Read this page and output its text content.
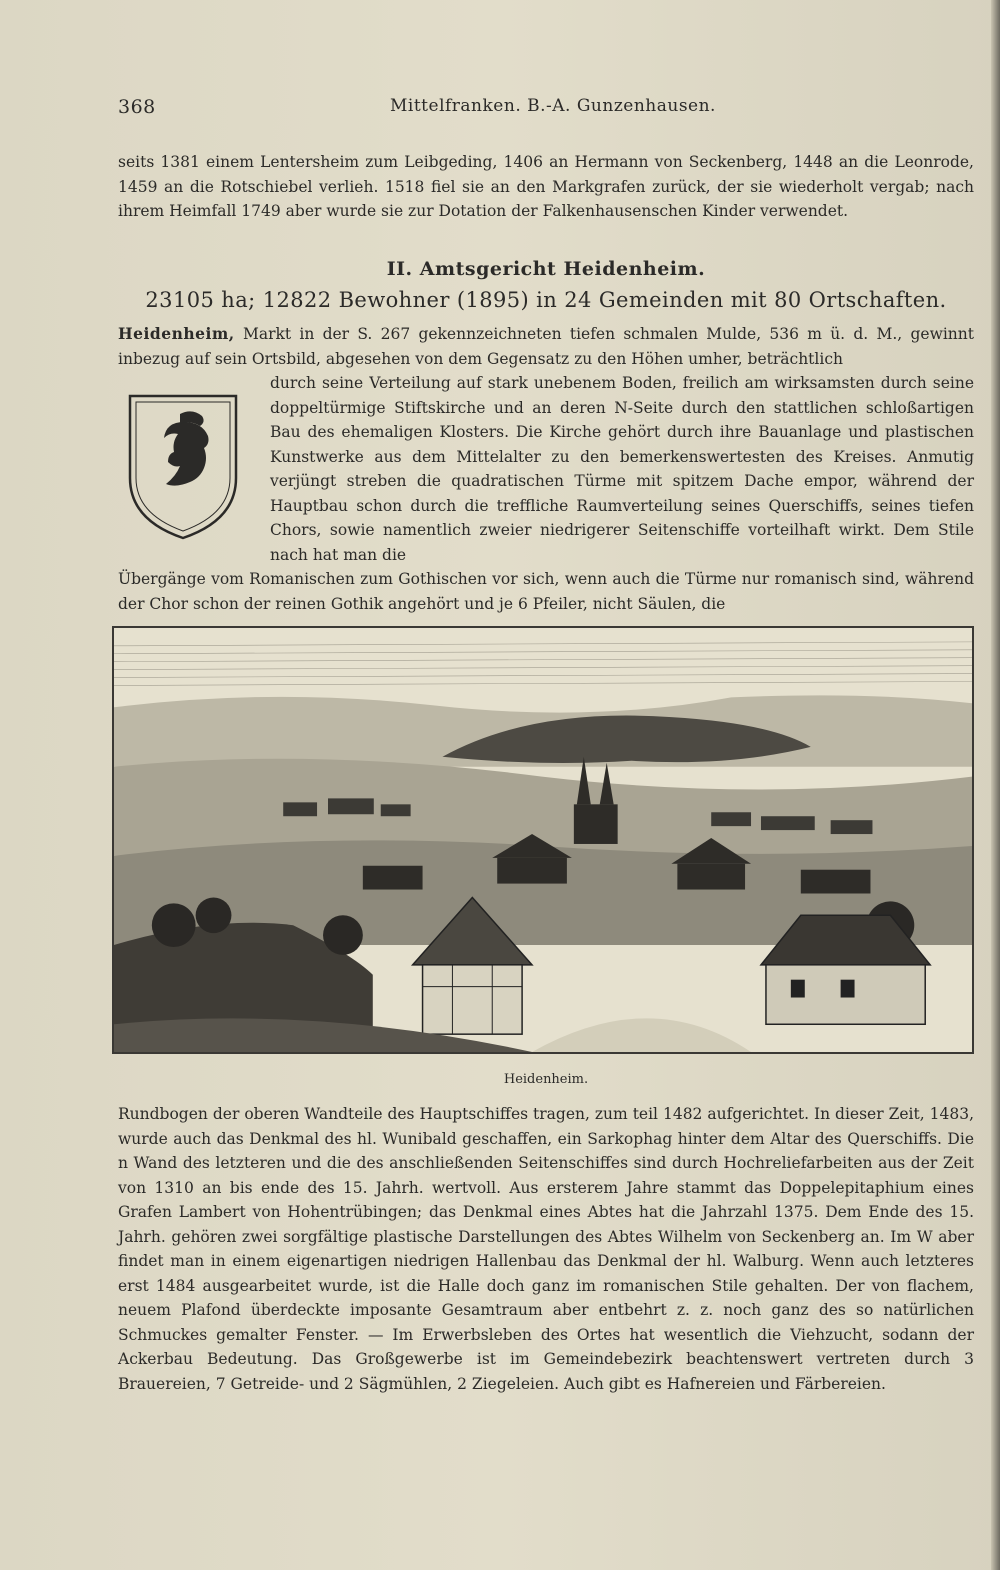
368	Mittelfranken. B.-A. Gunzenhausen.
seits 1381 einem Lentersheim zum Leibgeding, 1406 an Hermann von Seckenberg, 1448 an die Leonrode, 1459 an die Rotschiebel verlieh. 1518 fiel sie an den Markgrafen zurück, der sie wiederholt vergab; nach ihrem Heimfall 1749 aber wurde sie zur Dotation der Falkenhausenschen Kinder verwendet.
II. Amtsgericht Heidenheim.
23105 ha; 12822 Bewohner (1895) in 24 Gemeinden mit 80 Ortschaften.
Heidenheim, Markt in der S. 267 gekennzeichneten tiefen schmalen Mulde, 536 m ü. d. M., gewinnt inbezug auf sein Ortsbild, abgesehen von dem Gegensatz zu den Höhen umher, beträchtlich
durch seine Verteilung auf stark unebenem Boden, freilich am wirksamsten durch seine doppeltürmige Stiftskirche und an deren N-Seite durch den stattlichen schloßartigen Bau des ehemaligen Klosters. Die Kirche gehört durch ihre Bauanlage und plastischen Kunstwerke aus dem Mittelalter zu den bemerkenswertesten des Kreises. Anmutig verjüngt streben die quadratischen Türme mit spitzem Dache empor, während der Hauptbau schon durch die treffliche Raumverteilung seines Querschiffs, seines tiefen Chors, sowie namentlich zweier niedrigerer Seitenschiffe vorteilhaft wirkt. Dem Stile nach hat man die
Übergänge vom Romanischen zum Gothischen vor sich, wenn auch die Türme nur romanisch sind, während der Chor schon der reinen Gothik angehört und je 6 Pfeiler, nicht Säulen, die
Heidenheim.
Rundbogen der oberen Wandteile des Hauptschiffes tragen, zum teil 1482 aufgerichtet. In dieser Zeit, 1483, wurde auch das Denkmal des hl. Wunibald geschaffen, ein Sarkophag hinter dem Altar des Querschiffs. Die n Wand des letzteren und die des anschließenden Seitenschiffes sind durch Hochreliefarbeiten aus der Zeit von 1310 an bis ende des 15. Jahrh. wertvoll. Aus ersterem Jahre stammt das Doppelepitaphium eines Grafen Lambert von Hohentrübingen; das Denkmal eines Abtes hat die Jahrzahl 1375. Dem Ende des 15. Jahrh. gehören zwei sorgfältige plastische Darstellungen des Abtes Wilhelm von Seckenberg an. Im W aber findet man in einem eigenartigen niedrigen Hallenbau das Denkmal der hl. Walburg. Wenn auch letzteres erst 1484 ausgearbeitet wurde, ist die Halle doch ganz im romanischen Stile gehalten. Der von flachem, neuem Plafond überdeckte imposante Gesamtraum aber entbehrt z. z. noch ganz des so natürlichen Schmuckes gemalter Fenster. — Im Erwerbsleben des Ortes hat wesentlich die Viehzucht, sodann der Ackerbau Bedeutung. Das Großgewerbe ist im Gemeindebezirk beachtenswert vertreten durch 3 Brauereien, 7 Getreide- und 2 Sägmühlen, 2 Ziegeleien. Auch gibt es Hafnereien und Färbereien.
